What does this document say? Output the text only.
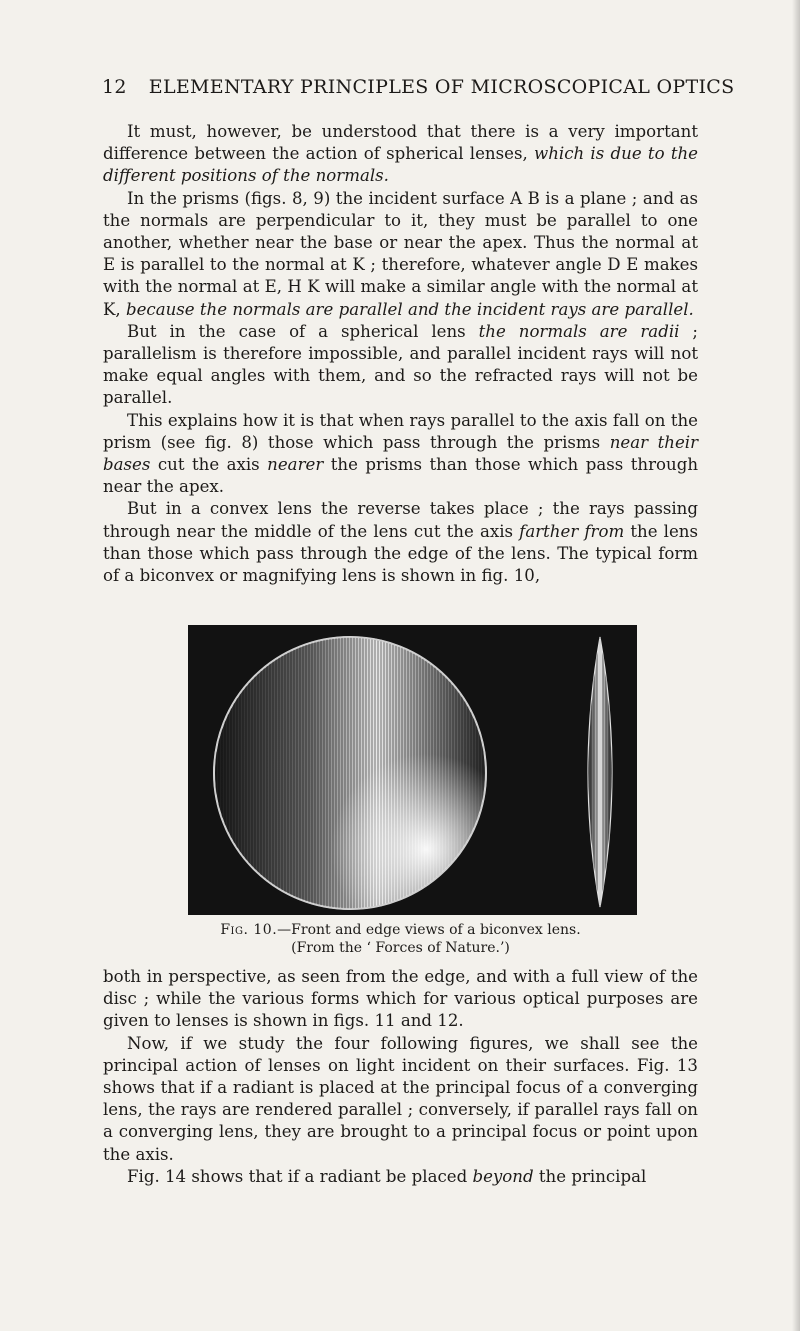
12 ELEMENTARY PRINCIPLES OF MICROSCOPICAL OPTICS

It must, however, be understood that there is a very important difference between the action of spherical lenses, which is due to the different positions of the normals.

In the prisms (figs. 8, 9) the incident surface A B is a plane ; and as the normals are perpendicular to it, they must be parallel to one another, whether near the base or near the apex. Thus the normal at E is parallel to the normal at K ; therefore, whatever angle D E makes with the normal at E, H K will make a similar angle with the normal at K, because the normals are parallel and the incident rays are parallel.

But in the case of a spherical lens the normals are radii ; parallelism is therefore impossible, and parallel incident rays will not make equal angles with them, and so the refracted rays will not be parallel.

This explains how it is that when rays parallel to the axis fall on the prism (see fig. 8) those which pass through the prisms near their bases cut the axis nearer the prisms than those which pass through near the apex.

But in a convex lens the reverse takes place ; the rays passing through near the middle of the lens cut the axis farther from the lens than those which pass through the edge of the lens. The typical form of a biconvex or magnifying lens is shown in fig. 10,

Fig. 10.—Front and edge views of a biconvex lens.
(From the ‘ Forces of Nature.’)

both in perspective, as seen from the edge, and with a full view of the disc ; while the various forms which for various optical purposes are given to lenses is shown in figs. 11 and 12.

Now, if we study the four following figures, we shall see the principal action of lenses on light incident on their surfaces. Fig. 13 shows that if a radiant is placed at the principal focus of a converging lens, the rays are rendered parallel ; conversely, if parallel rays fall on a converging lens, they are brought to a principal focus or point upon the axis.

Fig. 14 shows that if a radiant be placed beyond the principal
